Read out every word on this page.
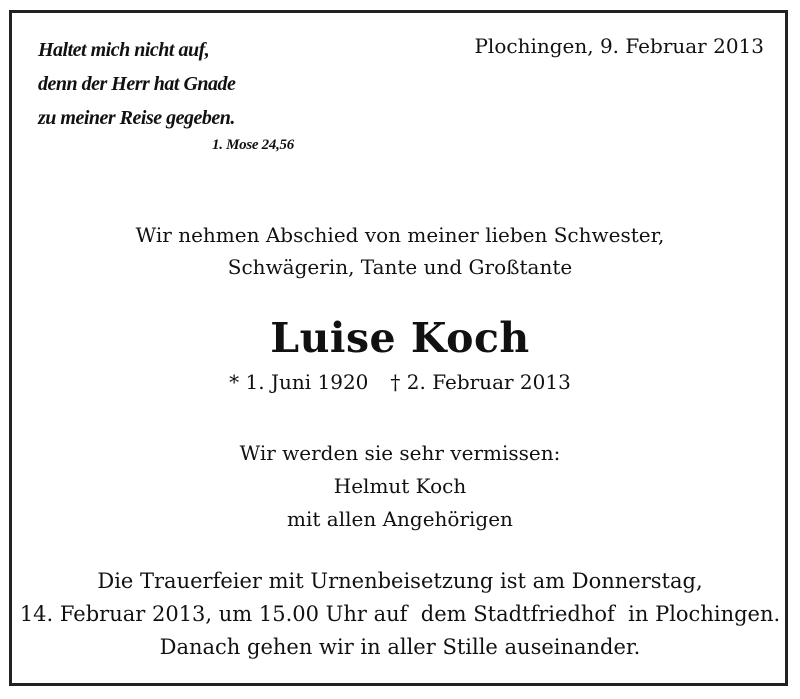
Haltet mich nicht auf,
denn der Herr hat Gnade
zu meiner Reise gegeben.
1. Mose 24,56
Plochingen, 9. Februar 2013
Wir nehmen Abschied von meiner lieben Schwester,
Schwägerin, Tante und Großtante
Luise Koch
* 1. Juni 1920 † 2. Februar 2013
Wir werden sie sehr vermissen:
Helmut Koch
mit allen Angehörigen
Die Trauerfeier mit Urnenbeisetzung ist am Donnerstag,
14. Februar 2013, um 15.00 Uhr auf  dem Stadtfriedhof  in Plochingen.
Danach gehen wir in aller Stille auseinander.
